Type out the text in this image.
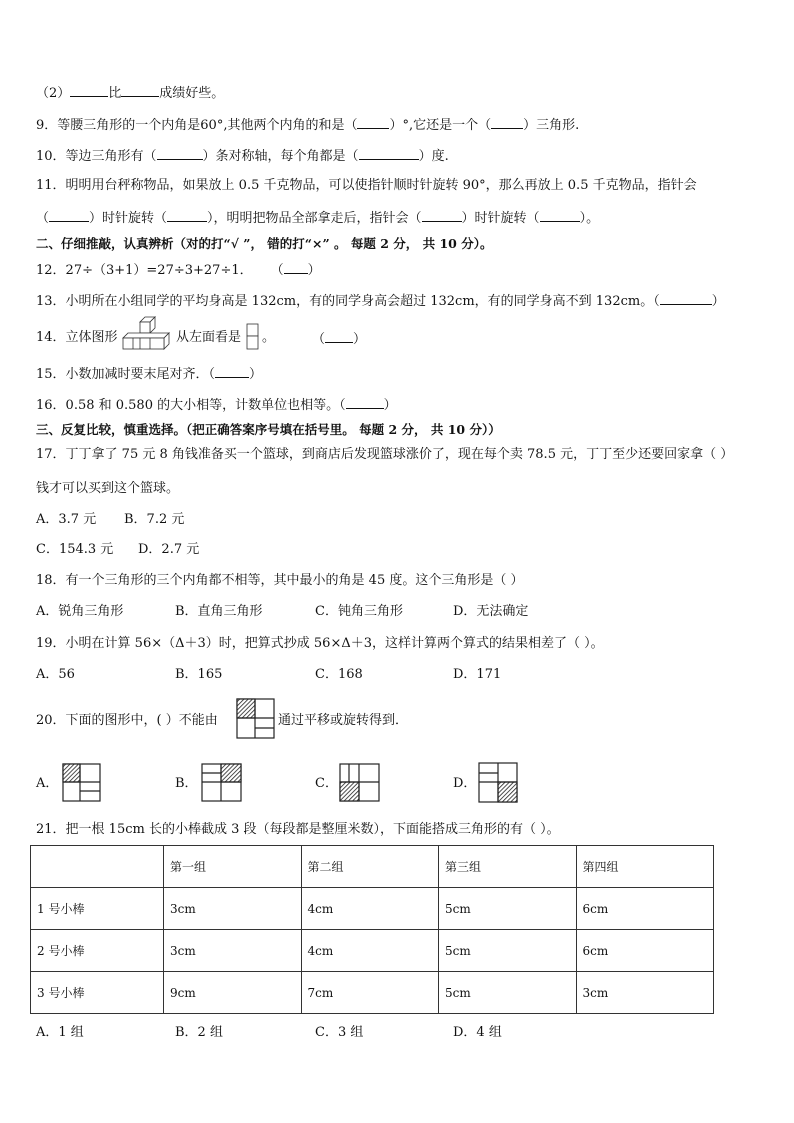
（2）	比	成绩好些。
9．等腰三角形的一个内角是60°,其他两个内角的和是（ ）°,它还是一个（ ）三角形.
10．等边三角形有（	）条对称轴，每个角都是（	）度.
11．明明用台秤称物品，如果放上 0.5 千克物品，可以使指针顺时针旋转 90°，那么再放上 0.5 千克物品，指针会
（	）时针旋转（	），明明把物品全部拿走后，指针会（	）时针旋转（	）。
二、仔细推敲，认真辨析（对的打“√ ”， 错的打“×” 。 每题 2 分， 共 10 分）。
12．27÷（3+1）=27÷3+27÷1． （ ）
13．小明所在小组同学的平均身高是 132cm，有的同学身高会超过 132cm，有的同学身高不到 132cm。（	）
14．立体图形	从左面看是 。	（ ）
15．小数加减时要末尾对齐．（	）
16．0.58 和 0.580 的大小相等，计数单位也相等。（	）
三、反复比较，慎重选择。（把正确答案序号填在括号里。 每题 2 分， 共 10 分））
17．丁丁拿了 75 元 8 角钱准备买一个篮球，到商店后发现篮球涨价了，现在每个卖 78.5 元，丁丁至少还要回家拿（ ）
钱才可以买到这个篮球。
A．3.7 元 B．7.2 元
C．154.3 元 D．2.7 元
18．有一个三角形的三个内角都不相等，其中最小的角是 45 度。这个三角形是（ ）
A．锐角三角形	B．直角三角形	C．钝角三角形	D．无法确定
19．小明在计算 56×（Δ＋3）时，把算式抄成 56×Δ＋3，这样计算两个算式的结果相差了（ ）。
A．56	B．165	C．168	D．171
20．下面的图形中，( ）不能由	通过平移或旋转得到．
A．	B．	C．	D．
21．把一根 15cm 长的小棒截成 3 段（每段都是整厘米数），下面能搭成三角形的有（ ）。
	第一组	第二组	第三组	第四组
1 号小棒	3cm	4cm	5cm	6cm
2 号小棒	3cm	4cm	5cm	6cm
3 号小棒	9cm	7cm	5cm	3cm
A．1 组	B．2 组	C．3 组	D．4 组
